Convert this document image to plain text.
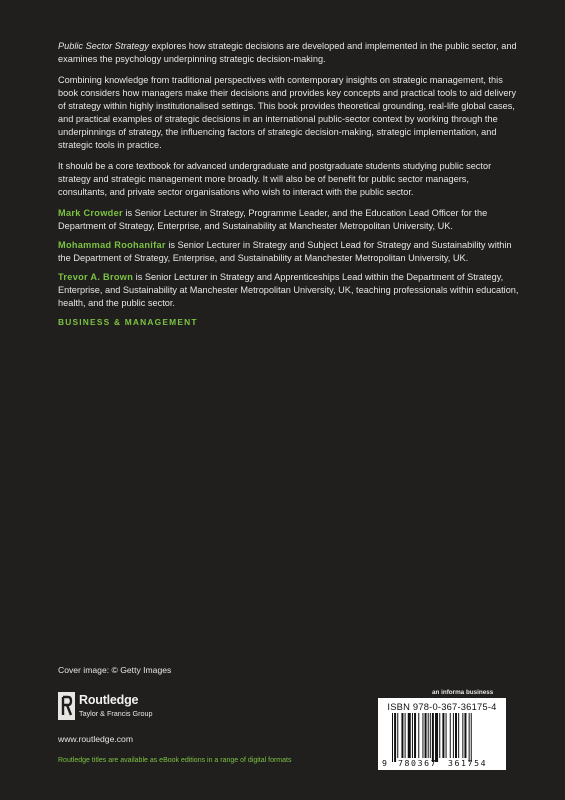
Public Sector Strategy explores how strategic decisions are developed and implemented in the public sector, and examines the psychology underpinning strategic decision-making.

Combining knowledge from traditional perspectives with contemporary insights on strategic management, this book considers how managers make their decisions and provides key concepts and practical tools to aid delivery of strategy within highly institutionalised settings. This book provides theoretical grounding, real-life global cases, and practical examples of strategic decisions in an international public-sector context by working through the underpinnings of strategy, the influencing factors of strategic decision-making, strategic implementation, and strategic tools in practice.

It should be a core textbook for advanced undergraduate and postgraduate students studying public sector strategy and strategic management more broadly. It will also be of benefit for public sector managers, consultants, and private sector organisations who wish to interact with the public sector.

Mark Crowder is Senior Lecturer in Strategy, Programme Leader, and the Education Lead Officer for the Department of Strategy, Enterprise, and Sustainability at Manchester Metropolitan University, UK.

Mohammad Roohanifar is Senior Lecturer in Strategy and Subject Lead for Strategy and Sustainability within the Department of Strategy, Enterprise, and Sustainability at Manchester Metropolitan University, UK.

Trevor A. Brown is Senior Lecturer in Strategy and Apprenticeships Lead within the Department of Strategy, Enterprise, and Sustainability at Manchester Metropolitan University, UK, teaching professionals within education, health, and the public sector.

BUSINESS & MANAGEMENT
Cover image: © Getty Images
Routledge
Taylor & Francis Group
www.routledge.com
Routledge titles are available as eBook editions in a range of digital formats
an informa business
ISBN 978-0-367-36175-4
9 780367 361754
